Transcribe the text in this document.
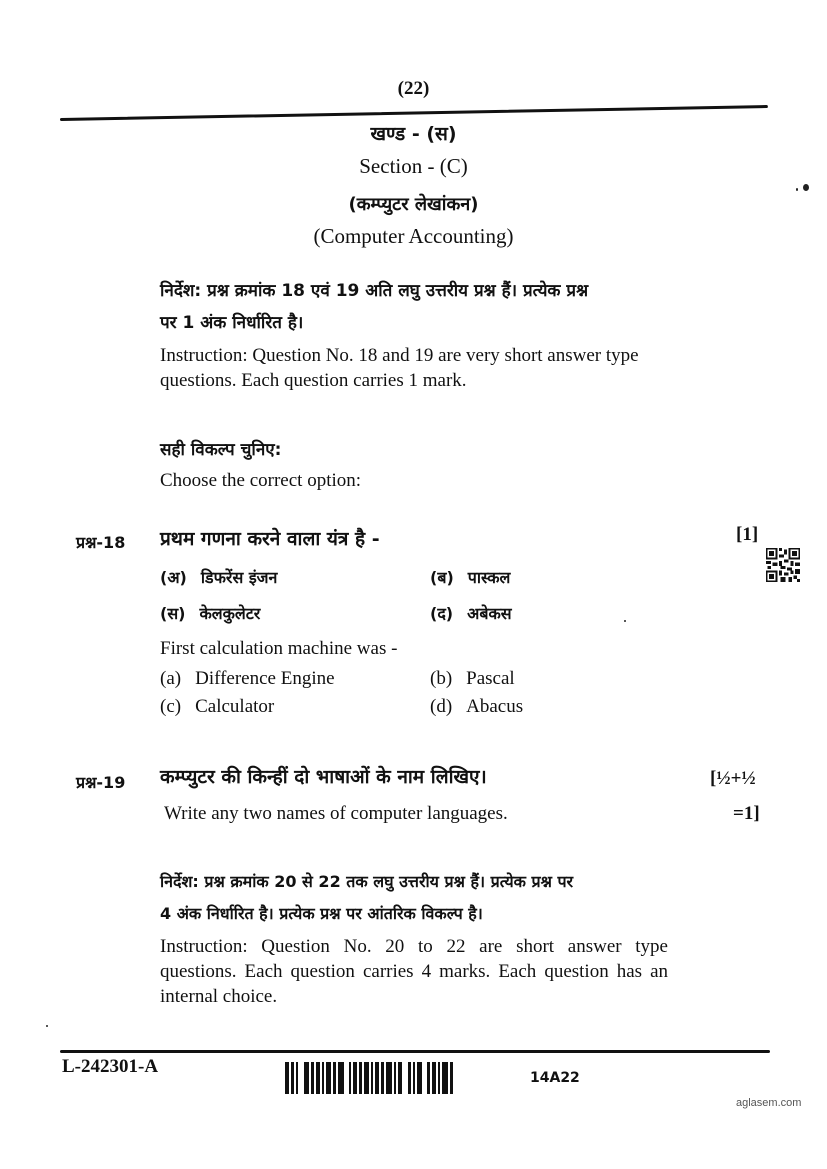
(22)
खण्ड - (स)
Section - (C)
(कम्प्युटर लेखांकन)
(Computer Accounting)
निर्देश: प्रश्न क्रमांक 18 एवं 19 अति लघु उत्तरीय प्रश्न हैं। प्रत्येक प्रश्न
पर 1 अंक निर्धारित है।
Instruction: Question No. 18 and 19 are very short answer type questions. Each question carries 1 mark.
सही विकल्प चुनिए:
Choose the correct option:
प्रश्न-18 प्रथम गणना करने वाला यंत्र है -	[1]
(अ) डिफरेंस इंजन	(ब) पास्कल
(स) केलकुलेटर	(द) अबेकस
First calculation machine was -
(a) Difference Engine	(b) Pascal
(c) Calculator	(d) Abacus
प्रश्न-19 कम्प्युटर की किन्हीं दो भाषाओं के नाम लिखिए।	[½+½
Write any two names of computer languages.	=1]
निर्देश: प्रश्न क्रमांक 20 से 22 तक लघु उत्तरीय प्रश्न हैं। प्रत्येक प्रश्न पर
4 अंक निर्धारित है। प्रत्येक प्रश्न पर आंतरिक विकल्प है।
Instruction: Question No. 20 to 22 are short answer type questions. Each question carries 4 marks. Each question has an internal choice.
L-242301-A
14A22
aglasem.com
